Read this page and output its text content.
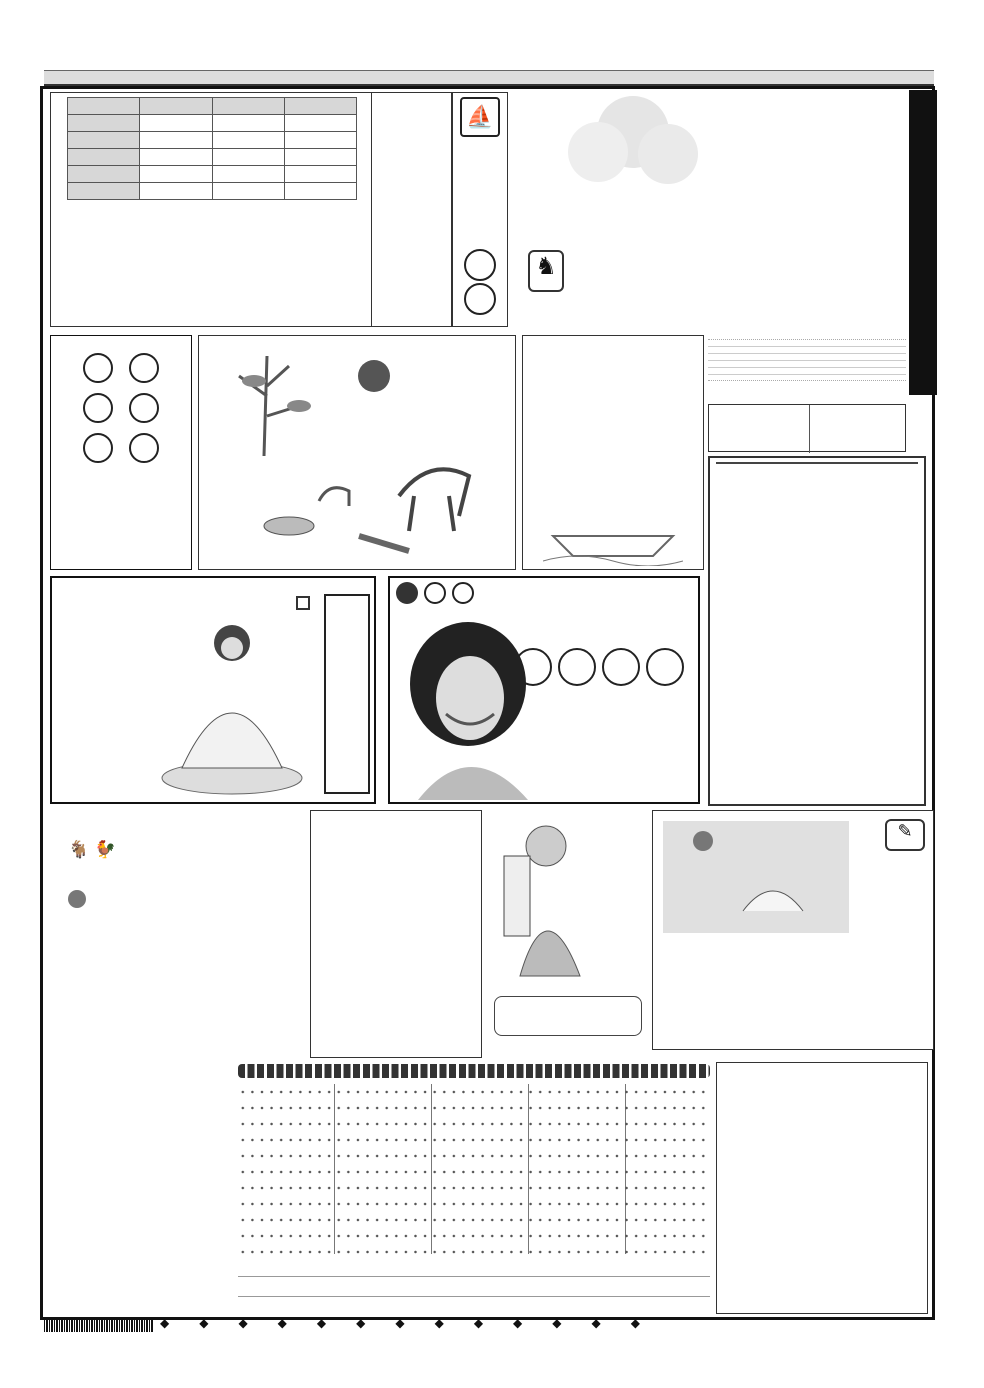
⛵
♞

🐐 🐓
✎
◆◆◆◆◆◆◆◆◆◆◆◆◆
